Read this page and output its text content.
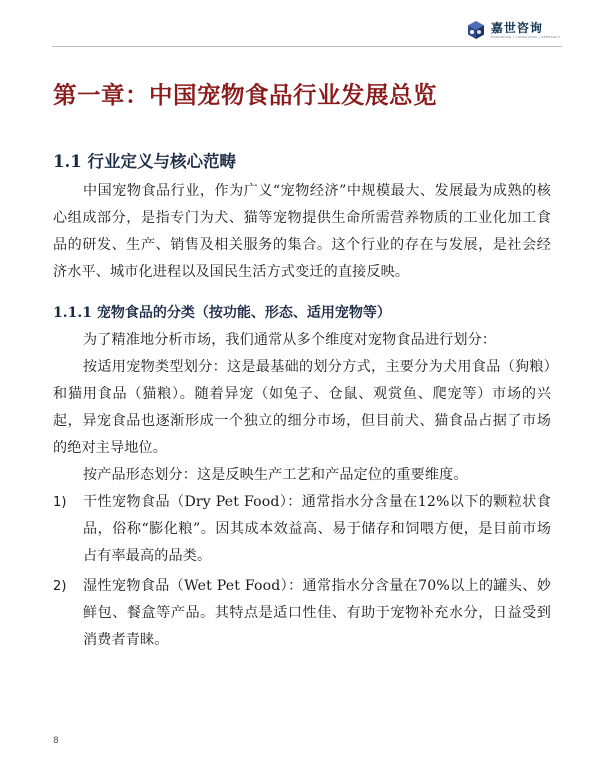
嘉世咨询
MARKETING | CONSULTING | RESEARCH
第一章：中国宠物食品行业发展总览
1.1 行业定义与核心范畴

中国宠物食品行业，作为广义“宠物经济”中规模最大、发展最为成熟的核心组成部分，是指专门为犬、猫等宠物提供生命所需营养物质的工业化加工食品的研发、生产、销售及相关服务的集合。这个行业的存在与发展，是社会经济水平、城市化进程以及国民生活方式变迁的直接反映。

1.1.1 宠物食品的分类（按功能、形态、适用宠物等）

为了精准地分析市场，我们通常从多个维度对宠物食品进行划分：

按适用宠物类型划分：这是最基础的划分方式，主要分为犬用食品（狗粮）和猫用食品（猫粮）。随着异宠（如兔子、仓鼠、观赏鱼、爬宠等）市场的兴起，异宠食品也逐渐形成一个独立的细分市场，但目前犬、猫食品占据了市场的绝对主导地位。

按产品形态划分：这是反映生产工艺和产品定位的重要维度。

1)	干性宠物食品（Dry Pet Food）：通常指水分含量在12%以下的颗粒状食品，俗称“膨化粮”。因其成本效益高、易于储存和饲喂方便，是目前市场占有率最高的品类。
2)	湿性宠物食品（Wet Pet Food）：通常指水分含量在70%以上的罐头、妙鲜包、餐盒等产品。其特点是适口性佳、有助于宠物补充水分，日益受到消费者青睐。
8
